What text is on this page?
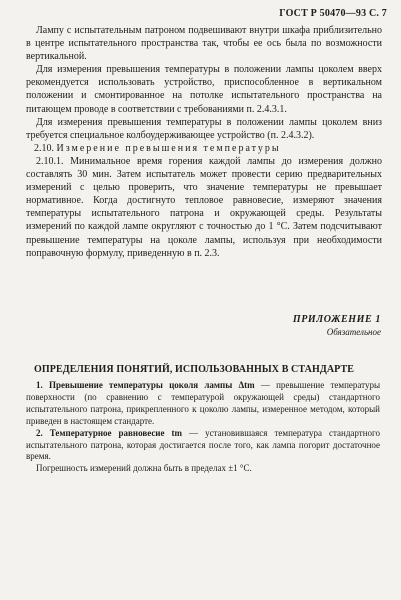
ГОСТ Р 50470—93 С. 7

Лампу с испытательным патроном подвешивают внутри шкафа приблизительно в центре испытательного пространства так, чтобы ее ось была по возможности вертикальной.

Для измерения превышения температуры в положении лампы цоколем вверх рекомендуется использовать устройство, приспособленное в вертикальном положении и смонтированное на потолке испытательного пространства на питающем проводе в соответствии с требованиями п. 2.4.3.1.

Для измерения превышения температуры в положении лампы цоколем вниз требуется специальное колбоудерживающее устройство (п. 2.4.3.2).

2.10. Измерение превышения температуры

2.10.1. Минимальное время горения каждой лампы до измерения должно составлять 30 мин. Затем испытатель может провести серию предварительных измерений с целью проверить, что значение температуры не превышает нормативное. Когда достигнуто тепловое равновесие, измеряют значения температуры испытательного патрона и окружающей среды. Результаты измерений по каждой лампе округляют с точностью до 1 °С. Затем подсчитывают превышение температуры на цоколе лампы, используя при необходимости поправочную формулу, приведенную в п. 2.3.

ПРИЛОЖЕНИЕ 1
Обязательное
ОПРЕДЕЛЕНИЯ ПОНЯТИЙ, ИСПОЛЬЗОВАННЫХ В СТАНДАРТЕ

1. Превышение температуры цоколя лампы Δtm — превышение температуры поверхности (по сравнению с температурой окружающей среды) стандартного испытательного патрона, прикрепленного к цоколю лампы, измеренное методом, который приведен в настоящем стандарте.

2. Температурное равновесие tm — установившаяся температура стандартного испытательного патрона, которая достигается после того, как лампа погорит достаточное время.

Погрешность измерений должна быть в пределах ±1 °С.
